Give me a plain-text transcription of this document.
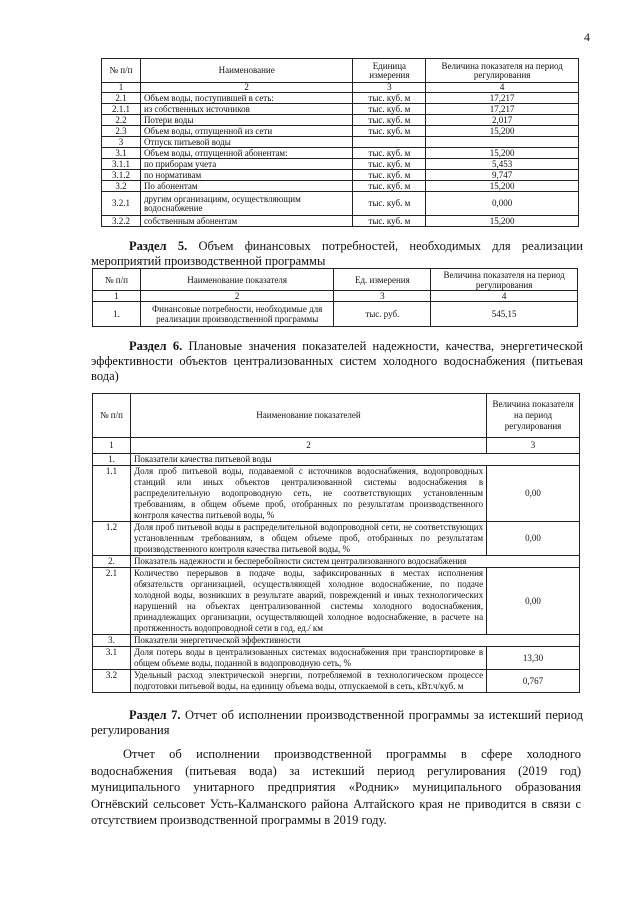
4
№ п/п	Наименование	Единица измерения	Величина показателя на период регулирования
1	2	3	4
2.1	Объем воды, поступившей в сеть:	тыс. куб. м	17,217
2.1.1	из собственных источников	тыс. куб. м	17,217
2.2	Потери воды	тыс. куб. м	2,017
2.3	Объем воды, отпущенной из сети	тыс. куб. м	15,200
3	Отпуск питьевой воды		
3.1	Объем воды, отпущенной абонентам:	тыс. куб. м	15,200
3.1.1	по приборам учета	тыс. куб. м	5,453
3.1.2	по нормативам	тыс. куб. м	9,747
3.2	По абонентам	тыс. куб. м	15,200
3.2.1	другим организациям, осуществляющим водоснабжение	тыс. куб. м	0,000
3.2.2	собственным абонентам	тыс. куб. м	15,200
Раздел 5. Объем финансовых потребностей, необходимых для реализации мероприятий производственной программы
№ п/п	Наименование показателя	Ед. измерения	Величина показателя на период регулирования
1	2	3	4
1.	Финансовые потребности, необходимые для реализации производственной программы	тыс. руб.	545,15
Раздел 6. Плановые значения показателей надежности, качества, энергетической эффективности объектов централизованных систем холодного водоснабжения (питьевая вода)
№ п/п	Наименование показателей	Величина показателя на период регулирования
1	2	3
1.	Показатели качества питьевой воды	
1.1	Доля проб питьевой воды, подаваемой с источников водоснабжения, водопроводных станций или иных объектов централизованной системы водоснабжения в распределительную водопроводную сеть, не соответствующих установленным требованиям, в общем объеме проб, отобранных по результатам производственного контроля качества питьевой воды, %	0,00
1.2	Доля проб питьевой воды в распределительной водопроводной сети, не соответствующих установленным требованиям, в общем объеме проб, отобранных по результатам производственного контроля качества питьевой воды, %	0,00
2.	Показатель надежности и бесперебойности систем централизованного водоснабжения	
2.1	Количество перерывов в подаче воды, зафиксированных в местах исполнения обязательств организацией, осуществляющей холодное водоснабжение, по подаче холодной воды, возникших в результате аварий, повреждений и иных технологических нарушений на объектах централизованной системы холодного водоснабжения, принадлежащих организации, осуществляющей холодное водоснабжение, в расчете на протяженность водопроводной сети в год, ед./ км	0,00
3.	Показатели энергетической эффективности	
3.1	Доля потерь воды в централизованных системах водоснабжения при транспортировке в общем объеме воды, поданной в водопроводную сеть, %	13,30
3.2	Удельный расход электрической энергии, потребляемой в технологическом процессе подготовки питьевой воды, на единицу объема воды, отпускаемой в сеть, кВт.ч/куб. м	0,767
Раздел 7. Отчет об исполнении производственной программы за истекший период регулирования
Отчет об исполнении производственной программы в сфере холодного водоснабжения (питьевая вода) за истекший период регулирования (2019 год) муниципального унитарного предприятия «Родник» муниципального образования Огнёвский сельсовет Усть-Калманского района Алтайского края не приводится в связи с отсутствием производственной программы в 2019 году.
